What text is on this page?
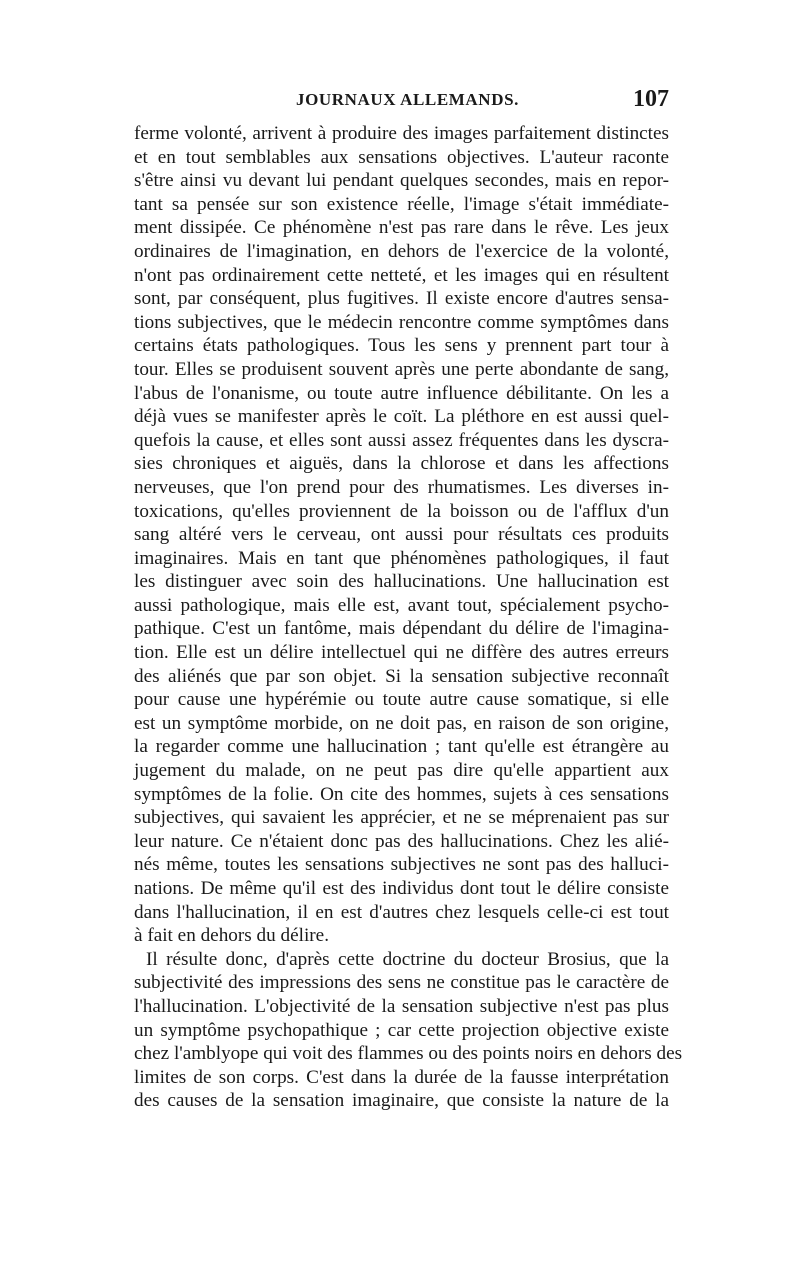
JOURNAUX ALLEMANDS.	107
ferme volonté, arrivent à produire des images parfaitement distinctes
et en tout semblables aux sensations objectives. L'auteur raconte
s'être ainsi vu devant lui pendant quelques secondes, mais en repor-
tant sa pensée sur son existence réelle, l'image s'était immédiate-
ment dissipée. Ce phénomène n'est pas rare dans le rêve. Les jeux
ordinaires de l'imagination, en dehors de l'exercice de la volonté,
n'ont pas ordinairement cette netteté, et les images qui en résultent
sont, par conséquent, plus fugitives. Il existe encore d'autres sensa-
tions subjectives, que le médecin rencontre comme symptômes dans
certains états pathologiques. Tous les sens y prennent part tour à
tour. Elles se produisent souvent après une perte abondante de sang,
l'abus de l'onanisme, ou toute autre influence débilitante. On les a
déjà vues se manifester après le coït. La pléthore en est aussi quel-
quefois la cause, et elles sont aussi assez fréquentes dans les dyscra-
sies chroniques et aiguës, dans la chlorose et dans les affections
nerveuses, que l'on prend pour des rhumatismes. Les diverses in-
toxications, qu'elles proviennent de la boisson ou de l'afflux d'un
sang altéré vers le cerveau, ont aussi pour résultats ces produits
imaginaires. Mais en tant que phénomènes pathologiques, il faut
les distinguer avec soin des hallucinations. Une hallucination est
aussi pathologique, mais elle est, avant tout, spécialement psycho-
pathique. C'est un fantôme, mais dépendant du délire de l'imagina-
tion. Elle est un délire intellectuel qui ne diffère des autres erreurs
des aliénés que par son objet. Si la sensation subjective reconnaît
pour cause une hypérémie ou toute autre cause somatique, si elle
est un symptôme morbide, on ne doit pas, en raison de son origine,
la regarder comme une hallucination ; tant qu'elle est étrangère au
jugement du malade, on ne peut pas dire qu'elle appartient aux
symptômes de la folie. On cite des hommes, sujets à ces sensations
subjectives, qui savaient les apprécier, et ne se méprenaient pas sur
leur nature. Ce n'étaient donc pas des hallucinations. Chez les alié-
nés même, toutes les sensations subjectives ne sont pas des halluci-
nations. De même qu'il est des individus dont tout le délire consiste
dans l'hallucination, il en est d'autres chez lesquels celle-ci est tout
à fait en dehors du délire.
Il résulte donc, d'après cette doctrine du docteur Brosius, que la
subjectivité des impressions des sens ne constitue pas le caractère de
l'hallucination. L'objectivité de la sensation subjective n'est pas plus
un symptôme psychopathique ; car cette projection objective existe
chez l'amblyope qui voit des flammes ou des points noirs en dehors des
limites de son corps. C'est dans la durée de la fausse interprétation
des causes de la sensation imaginaire, que consiste la nature de la
